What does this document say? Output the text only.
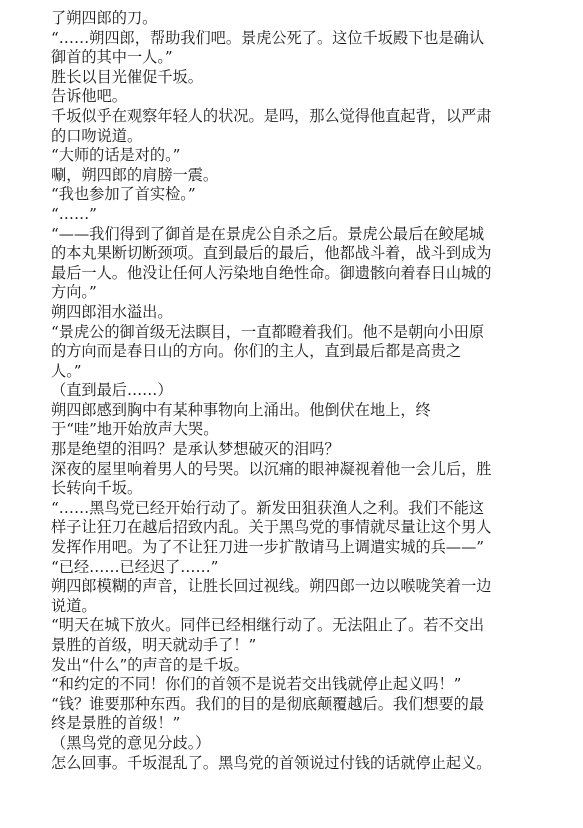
了朔四郎的刀。
“……朔四郎，帮助我们吧。景虎公死了。这位千坂殿下也是确认
御首的其中一人。”
胜长以目光催促千坂。
告诉他吧。
千坂似乎在观察年轻人的状况。是吗，那么觉得他直起背，以严肃
的口吻说道。
“大师的话是对的。”
唰，朔四郎的肩膀一震。
“我也参加了首实检。”
“……”
“——我们得到了御首是在景虎公自杀之后。景虎公最后在鲛尾城
的本丸果断切断颈项。直到最后的最后，他都战斗着，战斗到成为
最后一人。他没让任何人污染地自绝性命。御遗骸向着春日山城的
方向。”
朔四郎泪水溢出。
“景虎公的御首级无法瞑目，一直都瞪着我们。他不是朝向小田原
的方向而是春日山的方向。你们的主人，直到最后都是高贵之
人。”
（直到最后……）
朔四郎感到胸中有某种事物向上涌出。他倒伏在地上，终
于“哇”地开始放声大哭。
那是绝望的泪吗？是承认梦想破灭的泪吗？
深夜的屋里响着男人的号哭。以沉痛的眼神凝视着他一会儿后，胜
长转向千坂。
“……黑鸟党已经开始行动了。新发田狙获渔人之利。我们不能这
样子让狂刀在越后招致内乱。关于黑鸟党的事情就尽量让这个男人
发挥作用吧。为了不让狂刀进一步扩散请马上调遣实城的兵——”
“已经……已经迟了……”
朔四郎模糊的声音，让胜长回过视线。朔四郎一边以喉咙笑着一边
说道。
“明天在城下放火。同伴已经相继行动了。无法阻止了。若不交出
景胜的首级，明天就动手了！”
发出“什么”的声音的是千坂。
“和约定的不同！你们的首领不是说若交出钱就停止起义吗！”
“钱？谁要那种东西。我们的目的是彻底颠覆越后。我们想要的最
终是景胜的首级！”
（黑鸟党的意见分歧。）
怎么回事。千坂混乱了。黑鸟党的首领说过付钱的话就停止起义。
